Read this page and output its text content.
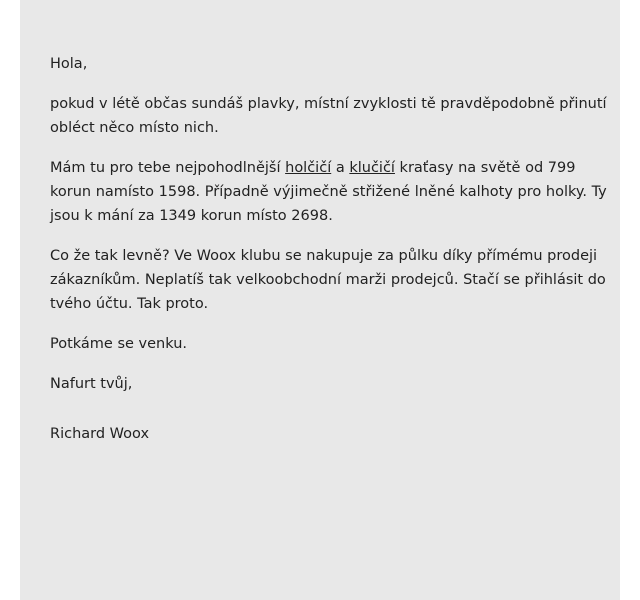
Hola,

pokud v létě občas sundáš plavky, místní zvyklosti tě pravděpodobně přinutí obléct něco místo nich.

Mám tu pro tebe nejpohodlnější holčičí a klučičí kraťasy na světě od 799 korun namísto 1598. Případně výjimečně střižené lněné kalhoty pro holky. Ty jsou k mání za 1349 korun místo 2698.

Co že tak levně? Ve Woox klubu se nakupuje za půlku díky přímému prodeji zákazníkům. Neplatíš tak velkoobchodní marži prodejců. Stačí se přihlásit do tvého účtu. Tak proto.

Potkáme se venku.

Nafurt tvůj,

Richard Woox
